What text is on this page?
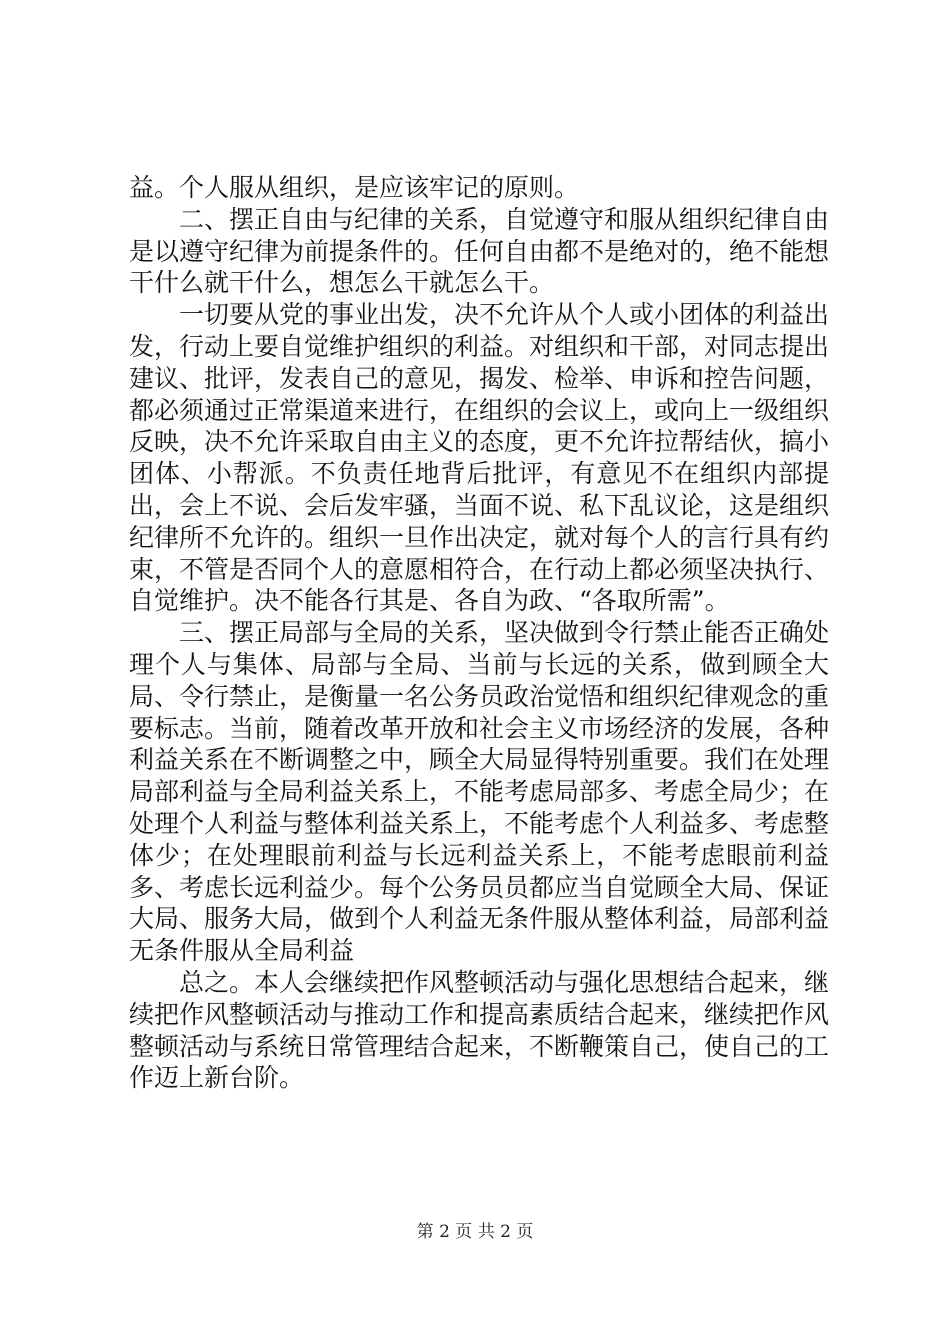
益。个人服从组织，是应该牢记的原则。

二、摆正自由与纪律的关系，自觉遵守和服从组织纪律自由是以遵守纪律为前提条件的。任何自由都不是绝对的，绝不能想干什么就干什么，想怎么干就怎么干。

一切要从党的事业出发，决不允许从个人或小团体的利益出发，行动上要自觉维护组织的利益。对组织和干部，对同志提出建议、批评，发表自己的意见，揭发、检举、申诉和控告问题，都必须通过正常渠道来进行，在组织的会议上，或向上一级组织反映，决不允许采取自由主义的态度，更不允许拉帮结伙，搞小团体、小帮派。不负责任地背后批评，有意见不在组织内部提出，会上不说、会后发牢骚，当面不说、私下乱议论，这是组织纪律所不允许的。组织一旦作出决定，就对每个人的言行具有约束，不管是否同个人的意愿相符合，在行动上都必须坚决执行、自觉维护。决不能各行其是、各自为政、“各取所需”。

三、摆正局部与全局的关系，坚决做到令行禁止能否正确处理个人与集体、局部与全局、当前与长远的关系，做到顾全大局、令行禁止，是衡量一名公务员政治觉悟和组织纪律观念的重要标志。当前，随着改革开放和社会主义市场经济的发展，各种利益关系在不断调整之中，顾全大局显得特别重要。我们在处理局部利益与全局利益关系上，不能考虑局部多、考虑全局少；在处理个人利益与整体利益关系上，不能考虑个人利益多、考虑整体少；在处理眼前利益与长远利益关系上，不能考虑眼前利益多、考虑长远利益少。每个公务员员都应当自觉顾全大局、保证大局、服务大局，做到个人利益无条件服从整体利益，局部利益无条件服从全局利益

总之。本人会继续把作风整顿活动与强化思想结合起来，继续把作风整顿活动与推动工作和提高素质结合起来，继续把作风整顿活动与系统日常管理结合起来，不断鞭策自己，使自己的工作迈上新台阶。

第 2 页 共 2 页
